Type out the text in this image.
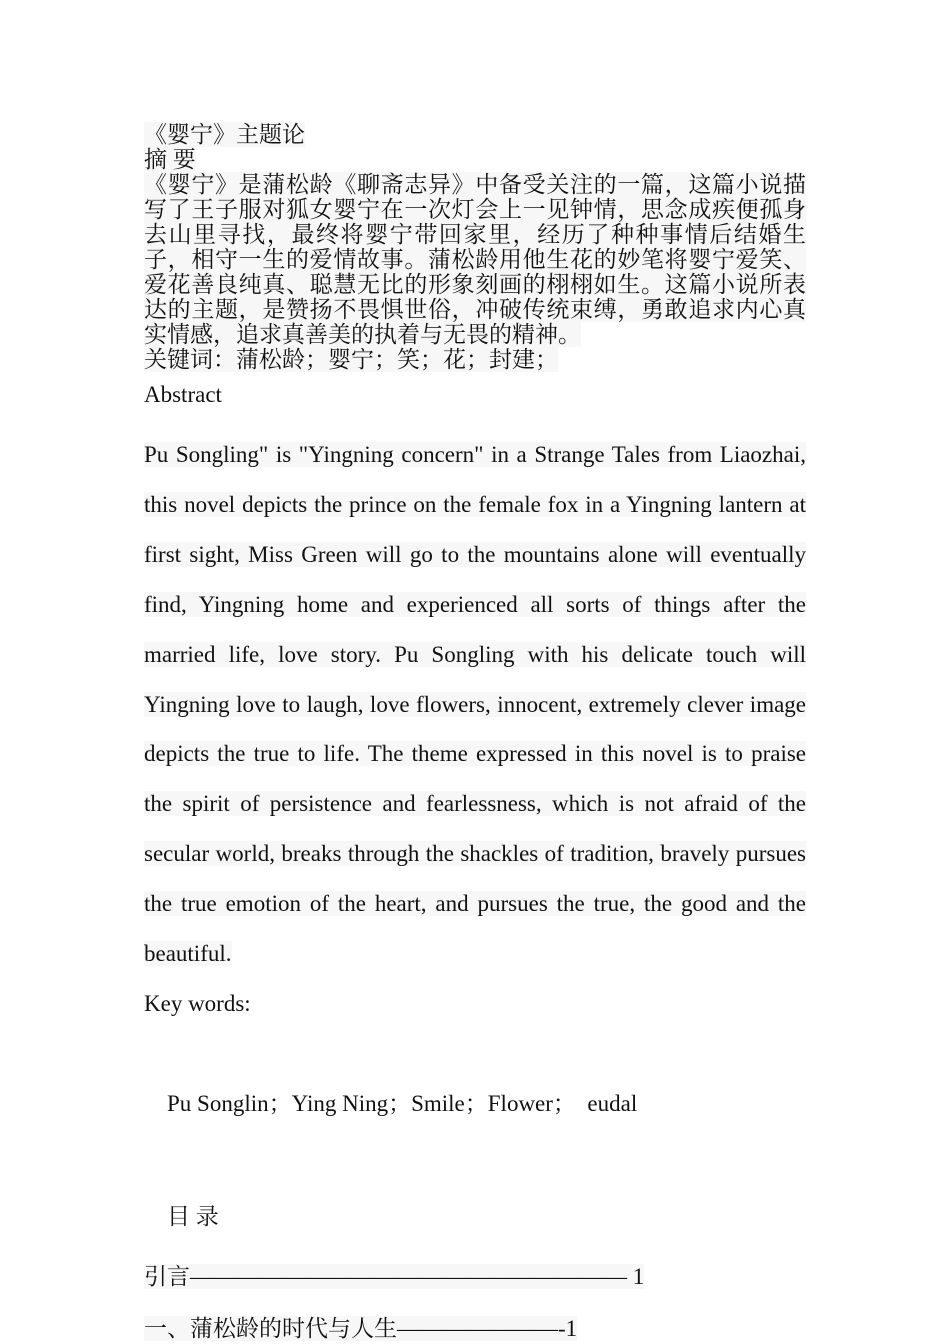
《婴宁》主题论
摘 要
《婴宁》是蒲松龄《聊斋志异》中备受关注的一篇，这篇小说描写了王子服对狐女婴宁在一次灯会上一见钟情，思念成疾便孤身去山里寻找，最终将婴宁带回家里，经历了种种事情后结婚生子，相守一生的爱情故事。蒲松龄用他生花的妙笔将婴宁爱笑、爱花善良纯真、聪慧无比的形象刻画的栩栩如生。这篇小说所表达的主题，是赞扬不畏惧世俗，冲破传统束缚，勇敢追求内心真实情感，追求真善美的执着与无畏的精神。
关键词：蒲松龄；婴宁；笑；花；封建；
Abstract
Pu Songling" is "Yingning concern" in a Strange Tales from Liaozhai, this novel depicts the prince on the female fox in a Yingning lantern at first sight, Miss Green will go to the mountains alone will eventually find, Yingning home and experienced all sorts of things after the married life, love story. Pu Songling with his delicate touch will Yingning love to laugh, love flowers, innocent, extremely clever image depicts the true to life. The theme expressed in this novel is to praise the spirit of persistence and fearlessness, which is not afraid of the secular world, breaks through the shackles of tradition, bravely pursues the true emotion of the heart, and pursues the true, the good and the beautiful.
Key words:

Pu Songlin；Ying Ning；Smile；Flower；  eudal

目 录

引言——————————————————— 1
一、蒲松龄的时代与人生———————-1
